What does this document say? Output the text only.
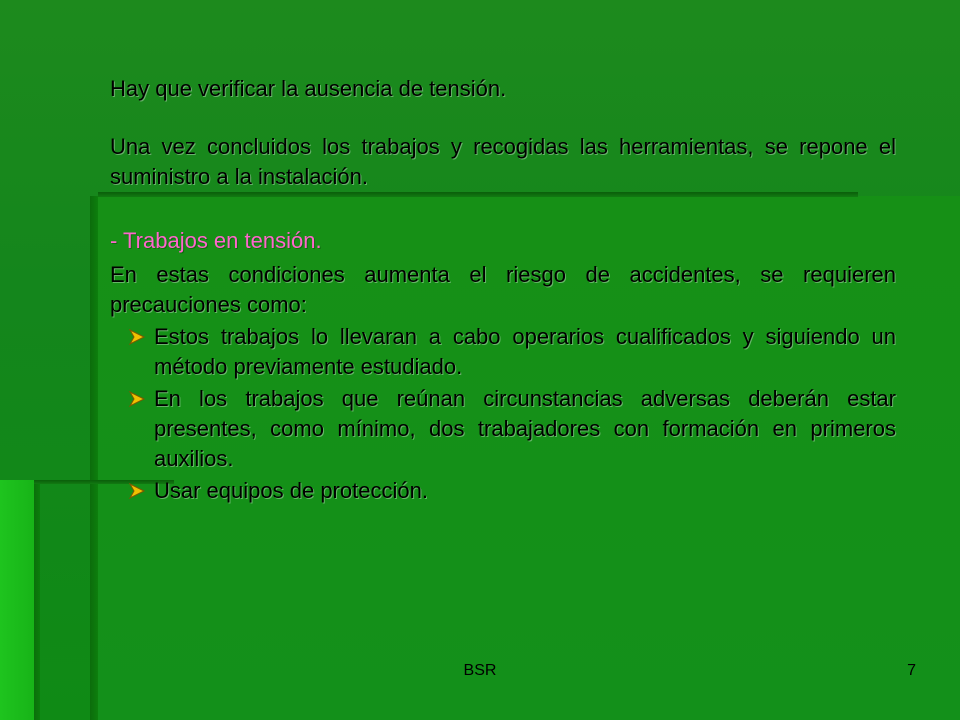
Hay que verificar la ausencia de tensión.

Una vez concluidos los trabajos y recogidas las herramientas, se repone el suministro a la instalación.

- Trabajos en tensión.

En estas condiciones aumenta el riesgo de accidentes, se requieren precauciones como:

Estos trabajos lo llevaran a cabo operarios cualificados y siguiendo un método previamente estudiado.
En los trabajos que reúnan circunstancias adversas deberán estar presentes, como mínimo, dos trabajadores con formación en primeros auxilios.
Usar equipos de protección.
BSR	7
